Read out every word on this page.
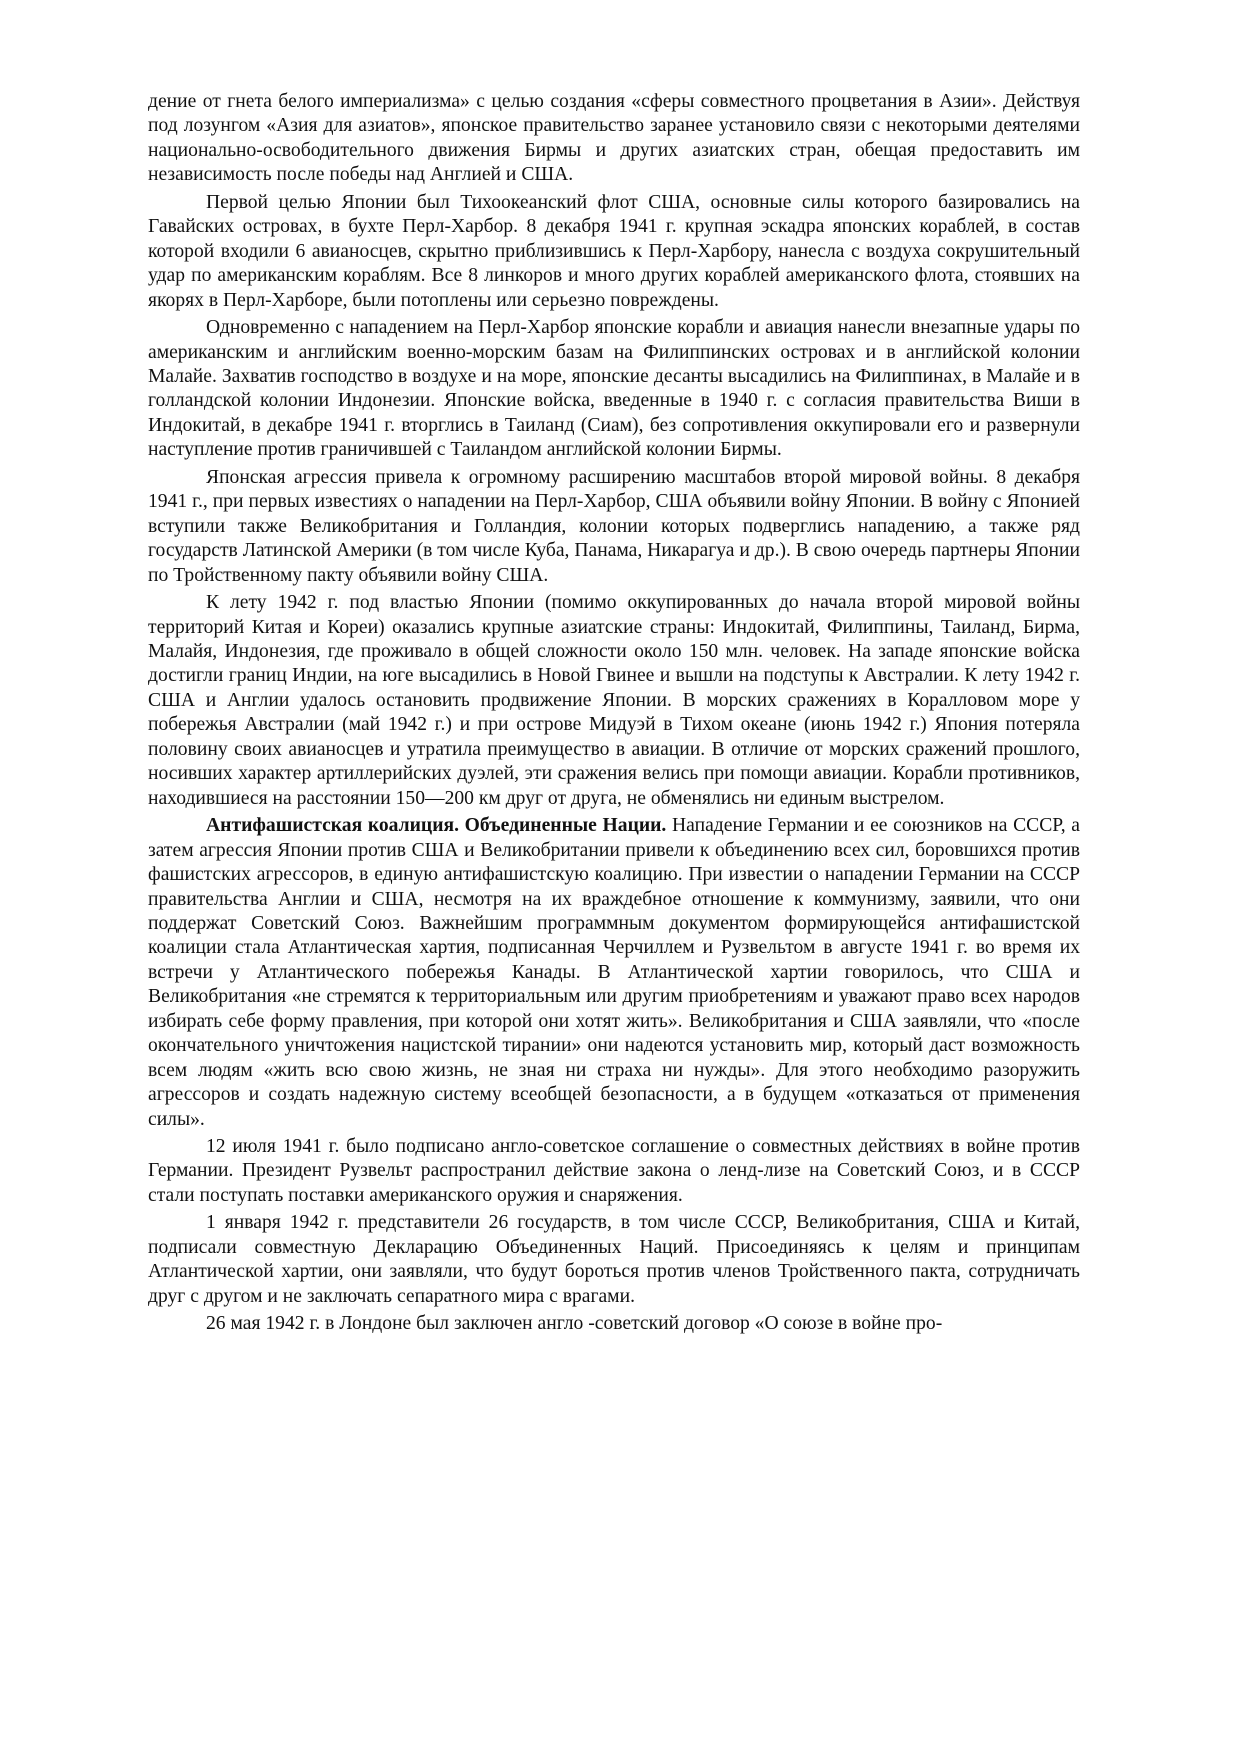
дение от гнета белого империализма» с целью создания «сферы совместного процветания в Азии». Действуя под лозунгом «Азия для азиатов», японское правительство заранее установило связи с некоторыми деятелями национально-освободительного движения Бирмы и других азиатских стран, обещая предоставить им независимость после победы над Англией и США.

Первой целью Японии был Тихоокеанский флот США, основные силы которого базировались на Гавайских островах, в бухте Перл-Харбор. 8 декабря 1941 г. крупная эскадра японских кораблей, в состав которой входили 6 авианосцев, скрытно приблизившись к Перл-Харбору, нанесла с воздуха сокрушительный удар по американским кораблям. Все 8 линкоров и много других кораблей американского флота, стоявших на якорях в Перл-Харборе, были потоплены или серьезно повреждены.

Одновременно с нападением на Перл-Харбор японские корабли и авиация нанесли внезапные удары по американским и английским военно-морским базам на Филиппинских островах и в английской колонии Малайе. Захватив господство в воздухе и на море, японские десанты высадились на Филиппинах, в Малайе и в голландской колонии Индонезии. Японские войска, введенные в 1940 г. с согласия правительства Виши в Индокитай, в декабре 1941 г. вторглись в Таиланд (Сиам), без сопротивления оккупировали его и развернули наступление против граничившей с Таиландом английской колонии Бирмы.

Японская агрессия привела к огромному расширению масштабов второй мировой войны. 8 декабря 1941 г., при первых известиях о нападении на Перл-Харбор, США объявили войну Японии. В войну с Японией вступили также Великобритания и Голландия, колонии которых подверглись нападению, а также ряд государств Латинской Америки (в том числе Куба, Панама, Никарагуа и др.). В свою очередь партнеры Японии по Тройственному пакту объявили войну США.

К лету 1942 г. под властью Японии (помимо оккупированных до начала второй мировой войны территорий Китая и Кореи) оказались крупные азиатские страны: Индокитай, Филиппины, Таиланд, Бирма, Малайя, Индонезия, где проживало в общей сложности около 150 млн. человек. На западе японские войска достигли границ Индии, на юге высадились в Новой Гвинее и вышли на подступы к Австралии. К лету 1942 г. США и Англии удалось остановить продвижение Японии. В морских сражениях в Коралловом море у побережья Австралии (май 1942 г.) и при острове Мидуэй в Тихом океане (июнь 1942 г.) Япония потеряла половину своих авианосцев и утратила преимущество в авиации. В отличие от морских сражений прошлого, носивших характер артиллерийских дуэлей, эти сражения велись при помощи авиации. Корабли противников, находившиеся на расстоянии 150—200 км друг от друга, не обменялись ни единым выстрелом.

Антифашистская коалиция. Объединенные Нации. Нападение Германии и ее союзников на СССР, а затем агрессия Японии против США и Великобритании привели к объединению всех сил, боровшихся против фашистских агрессоров, в единую антифашистскую коалицию. При известии о нападении Германии на СССР правительства Англии и США, несмотря на их враждебное отношение к коммунизму, заявили, что они поддержат Советский Союз. Важнейшим программным документом формирующейся антифашистской коалиции стала Атлантическая хартия, подписанная Черчиллем и Рузвельтом в августе 1941 г. во время их встречи у Атлантического побережья Канады. В Атлантической хартии говорилось, что США и Великобритания «не стремятся к территориальным или другим приобретениям и уважают право всех народов избирать себе форму правления, при которой они хотят жить». Великобритания и США заявляли, что «после окончательного уничтожения нацистской тирании» они надеются установить мир, который даст возможность всем людям «жить всю свою жизнь, не зная ни страха ни нужды». Для этого необходимо разоружить агрессоров и создать надежную систему всеобщей безопасности, а в будущем «отказаться от применения силы».

12 июля 1941 г. было подписано англо-советское соглашение о совместных действиях в войне против Германии. Президент Рузвельт распространил действие закона о ленд-лизе на Советский Союз, и в СССР стали поступать поставки американского оружия и снаряжения.

1 января 1942 г. представители 26 государств, в том числе СССР, Великобритания, США и Китай, подписали совместную Декларацию Объединенных Наций. Присоединяясь к целям и принципам Атлантической хартии, они заявляли, что будут бороться против членов Тройственного пакта, сотрудничать друг с другом и не заключать сепаратного мира с врагами.

26 мая 1942 г. в Лондоне был заключен англо -советский договор «О союзе в войне про-
